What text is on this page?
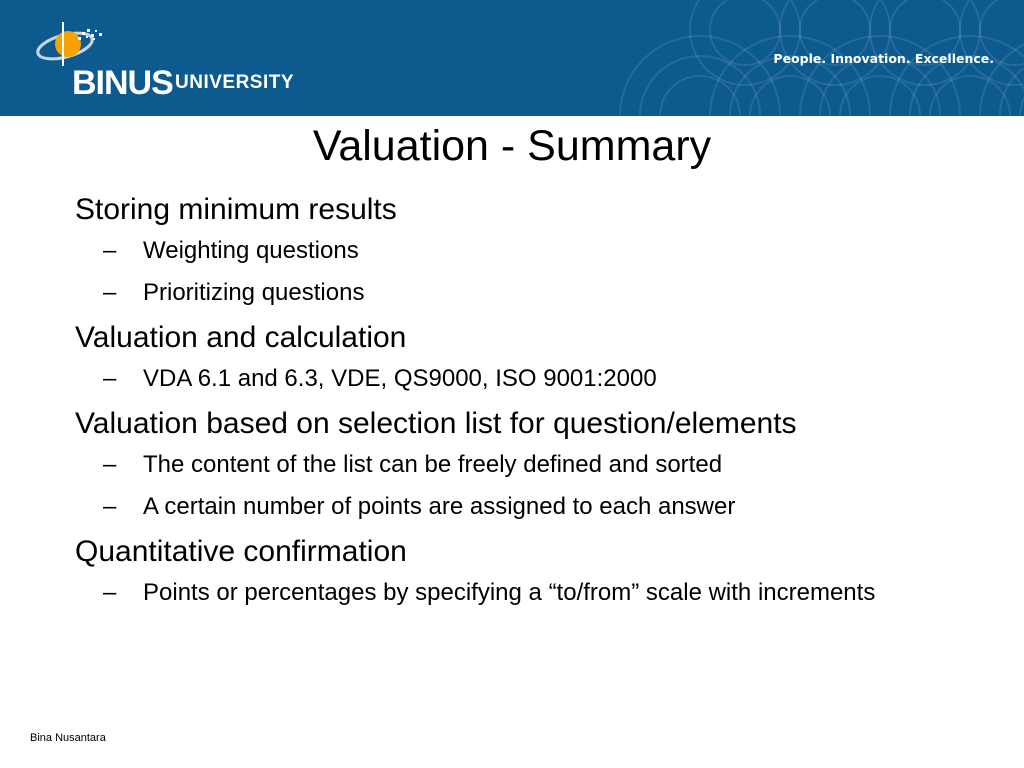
BINUS UNIVERSITY
People. Innovation. Excellence.
Valuation - Summary

Storing minimum results

– Weighting questions
– Prioritizing questions

Valuation and calculation

– VDA 6.1 and 6.3, VDE, QS9000, ISO 9001:2000

Valuation based on selection list for question/elements

– The content of the list can be freely defined and sorted
– A certain number of points are assigned to each answer

Quantitative confirmation

– Points or percentages by specifying a “to/from” scale with increments
Bina Nusantara
